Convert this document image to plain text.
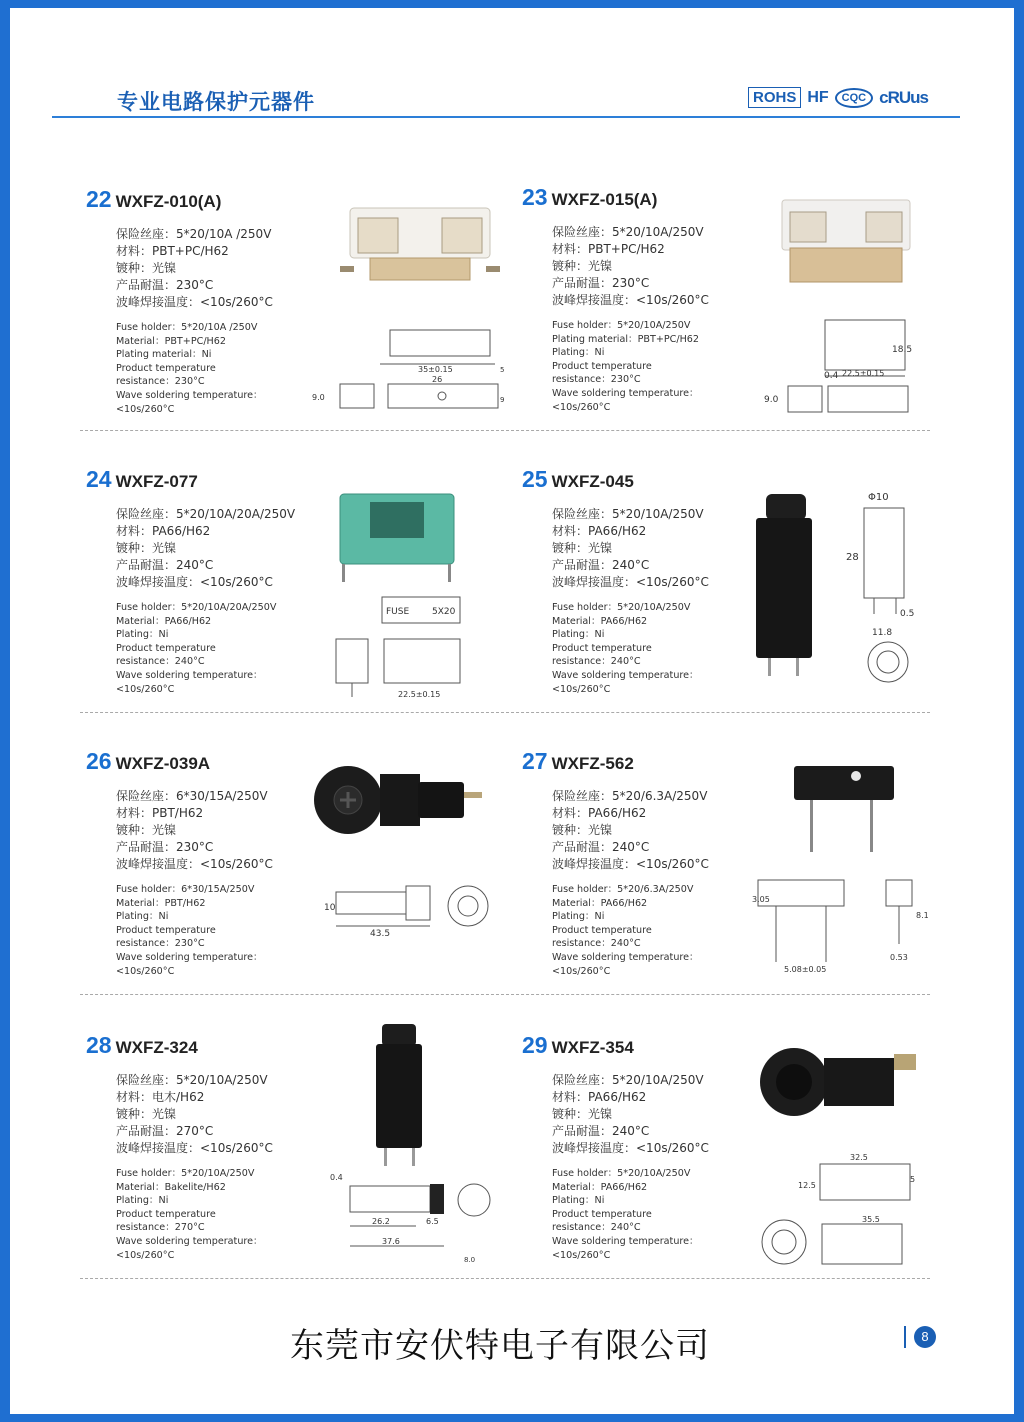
专业电路保护元器件	ROHS HF	CQC cRUus
22 WXFZ-010(A)
保险丝座：5*20/10A /250V
材料：PBT+PC/H62
镀种：光镍
产品耐温：230°C
波峰焊接温度：<10s/260°C
Fuse holder：5*20/10A /250V
Material：PBT+PC/H62
Plating material：Ni
Product temperature
resistance：230°C
Wave soldering temperature：
<10s/260°C
35±0.15
26
9.0
5
9
23 WXFZ-015(A)
保险丝座：5*20/10A/250V
材料：PBT+PC/H62
镀种：光镍
产品耐温：230°C
波峰焊接温度：<10s/260°C
Fuse holder：5*20/10A/250V
Plating material：PBT+PC/H62
Plating：Ni
Product temperature
resistance：230°C
Wave soldering temperature：
<10s/260°C
18.5
0.4 22.5±0.15
9.0
24 WXFZ-077
保险丝座：5*20/10A/20A/250V
材料：PA66/H62
镀种：光镍
产品耐温：240°C
波峰焊接温度：<10s/260°C
Fuse holder：5*20/10A/20A/250V
Material：PA66/H62
Plating：Ni
Product temperature
resistance：240°C
Wave soldering temperature：
<10s/260°C
FUSE	5X20
22.5±0.15
25 WXFZ-045
保险丝座：5*20/10A/250V
材料：PA66/H62
镀种：光镍
产品耐温：240°C
波峰焊接温度：<10s/260°C
Fuse holder：5*20/10A/250V
Material：PA66/H62
Plating：Ni
Product temperature
resistance：240°C
Wave soldering temperature：
<10s/260°C
Φ10
28
0.5
11.8
26 WXFZ-039A
保险丝座：6*30/15A/250V
材料：PBT/H62
镀种：光镍
产品耐温：230°C
波峰焊接温度：<10s/260°C
Fuse holder：6*30/15A/250V
Material：PBT/H62
Plating：Ni
Product temperature
resistance：230°C
Wave soldering temperature：
<10s/260°C
10
43.5
27 WXFZ-562
保险丝座：5*20/6.3A/250V
材料：PA66/H62
镀种：光镍
产品耐温：240°C
波峰焊接温度：<10s/260°C
Fuse holder：5*20/6.3A/250V
Material：PA66/H62
Plating：Ni
Product temperature
resistance：240°C
Wave soldering temperature：
<10s/260°C
3.05
5.08±0.05
8.1
0.53
28 WXFZ-324
保险丝座：5*20/10A/250V
材料：电木/H62
镀种：光镍
产品耐温：270°C
波峰焊接温度：<10s/260°C
Fuse holder：5*20/10A/250V
Material：Bakelite/H62
Plating：Ni
Product temperature
resistance：270°C
Wave soldering temperature：
<10s/260°C
0.4
26.2	6.5
37.6
8.0
29 WXFZ-354
保险丝座：5*20/10A/250V
材料：PA66/H62
镀种：光镍
产品耐温：240°C
波峰焊接温度：<10s/260°C
Fuse holder：5*20/10A/250V
Material：PA66/H62
Plating：Ni
Product temperature
resistance：240°C
Wave soldering temperature：
<10s/260°C
32.5
12.5
5
35.5
东莞市安伏特电子有限公司	8
